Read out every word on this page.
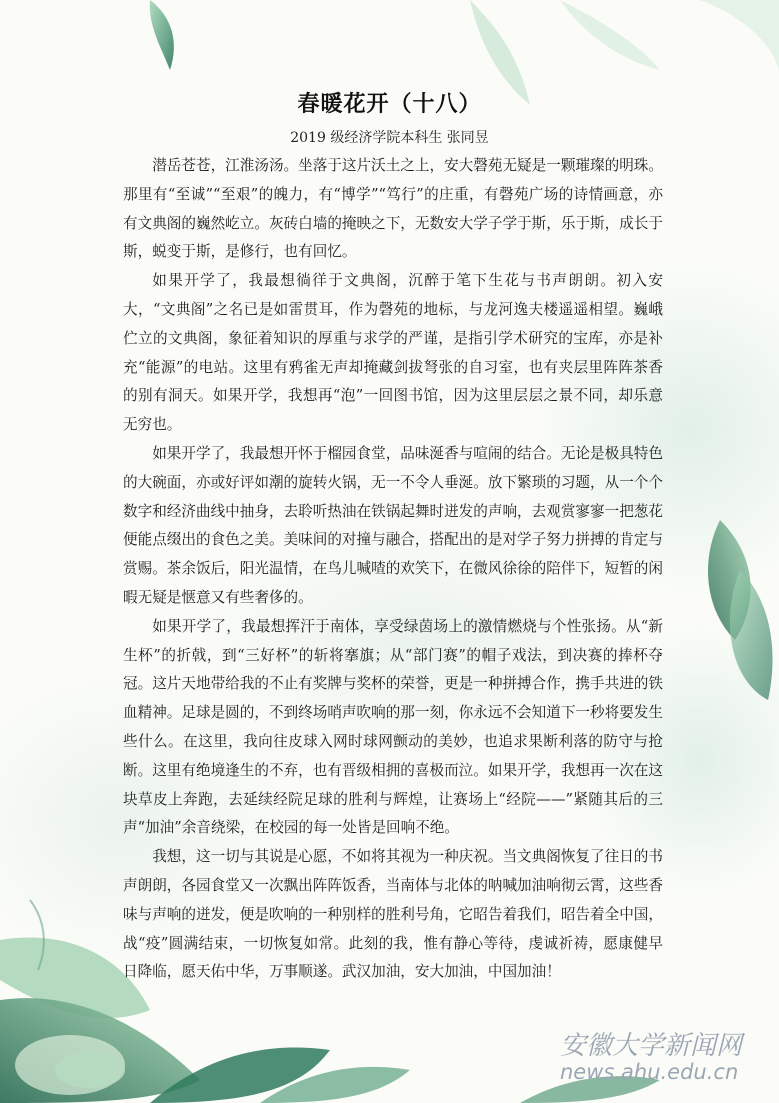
春暖花开（十八）
2019 级经济学院本科生 张同昱

潜岳苍苍，江淮汤汤。坐落于这片沃土之上，安大磬苑无疑是一颗璀璨的明珠。那里有“至诚”“至艰”的魄力，有“博学”“笃行”的庄重，有磬苑广场的诗情画意，亦有文典阁的巍然屹立。灰砖白墙的掩映之下，无数安大学子学于斯，乐于斯，成长于斯，蜕变于斯，是修行，也有回忆。

如果开学了，我最想徜徉于文典阁，沉醉于笔下生花与书声朗朗。初入安大，“文典阁”之名已是如雷贯耳，作为磬苑的地标，与龙河逸夫楼遥遥相望。巍峨伫立的文典阁，象征着知识的厚重与求学的严谨，是指引学术研究的宝库，亦是补充“能源”的电站。这里有鸦雀无声却掩藏剑拔弩张的自习室，也有夹层里阵阵茶香的别有洞天。如果开学，我想再“泡”一回图书馆，因为这里层层之景不同，却乐意无穷也。

如果开学了，我最想开怀于榴园食堂，品味涎香与喧闹的结合。无论是极具特色的大碗面，亦或好评如潮的旋转火锅，无一不令人垂涎。放下繁琐的习题，从一个个数字和经济曲线中抽身，去聆听热油在铁锅起舞时迸发的声响，去观赏寥寥一把葱花便能点缀出的食色之美。美味间的对撞与融合，搭配出的是对学子努力拼搏的肯定与赏赐。茶余饭后，阳光温情，在鸟儿喊喳的欢笑下，在微风徐徐的陪伴下，短暂的闲暇无疑是惬意又有些奢侈的。

如果开学了，我最想挥汗于南体，享受绿茵场上的激情燃烧与个性张扬。从“新生杯”的折戟，到“三好杯”的斩将搴旗；从“部门赛”的帽子戏法，到决赛的捧杯夺冠。这片天地带给我的不止有奖牌与奖杯的荣誉，更是一种拼搏合作，携手共进的铁血精神。足球是圆的，不到终场哨声吹响的那一刻，你永远不会知道下一秒将要发生些什么。在这里，我向往皮球入网时球网颤动的美妙，也追求果断利落的防守与抢断。这里有绝境逢生的不弃，也有晋级相拥的喜极而泣。如果开学，我想再一次在这块草皮上奔跑，去延续经院足球的胜利与辉煌，让赛场上“经院——”紧随其后的三声“加油”余音绕梁，在校园的每一处皆是回响不绝。

我想，这一切与其说是心愿，不如将其视为一种庆祝。当文典阁恢复了往日的书声朗朗，各园食堂又一次飘出阵阵饭香，当南体与北体的呐喊加油响彻云霄，这些香味与声响的迸发，便是吹响的一种别样的胜利号角，它昭告着我们，昭告着全中国，战“疫”圆满结束，一切恢复如常。此刻的我，惟有静心等待，虔诚祈祷，愿康健早日降临，愿天佑中华，万事顺遂。武汉加油，安大加油，中国加油！

安徽大学新闻网
news.ahu.edu.cn
